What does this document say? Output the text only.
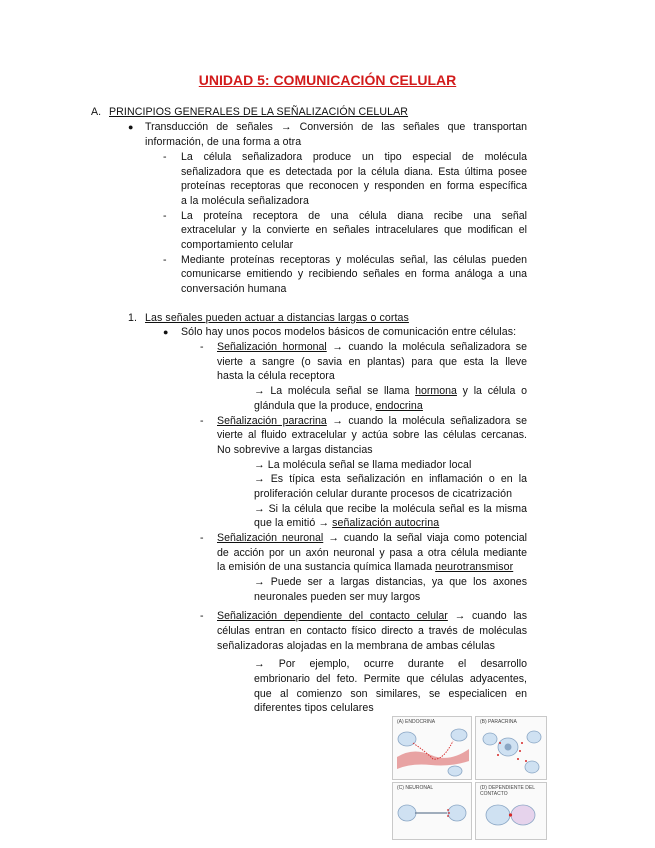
UNIDAD 5: COMUNICACIÓN CELULAR
A. PRINCIPIOS GENERALES DE LA SEÑALIZACIÓN CELULAR
● Transducción de señales → Conversión de las señales que transportan
información, de una forma a otra
- La célula señalizadora produce un tipo especial de molécula
señalizadora que es detectada por la célula diana. Esta última posee
proteínas receptoras que reconocen y responden en forma específica
a la molécula señalizadora
- La proteína receptora de una célula diana recibe una señal
extracelular y la convierte en señales intracelulares que modifican el
comportamiento celular
- Mediante proteínas receptoras y moléculas señal, las células pueden
comunicarse emitiendo y recibiendo señales en forma análoga a una
conversación humana
1. Las señales pueden actuar a distancias largas o cortas
● Sólo hay unos pocos modelos básicos de comunicación entre células:
- Señalización hormonal → cuando la molécula señalizadora se
vierte a sangre (o savia en plantas) para que esta la lleve
hasta la célula receptora
→ La molécula señal se llama hormona y la célula o
glándula que la produce, endocrina
- Señalización paracrina → cuando la molécula señalizadora se
vierte al fluido extracelular y actúa sobre las células cercanas.
No sobrevive a largas distancias
→ La molécula señal se llama mediador local
→ Es típica esta señalización en inflamación o en la
proliferación celular durante procesos de cicatrización
→ Si la célula que recibe la molécula señal es la misma
que la emitió → señalización autocrina
- Señalización neuronal → cuando la señal viaja como potencial
de acción por un axón neuronal y pasa a otra célula mediante
la emisión de una sustancia química llamada neurotransmisor
→ Puede ser a largas distancias, ya que los axones
neuronales pueden ser muy largos
- Señalización dependiente del contacto celular → cuando las
células entran en contacto físico directo a través de moléculas
señalizadoras alojadas en la membrana de ambas células
→ Por ejemplo, ocurre durante el desarrollo
embrionario del feto. Permite que células adyacentes,
que al comienzo son similares, se especialicen en
diferentes tipos celulares
(A) ENDOCRINA	(B) PARACRINA
(C) NEURONAL	(D) DEPENDIENTE DEL CONTACTO
